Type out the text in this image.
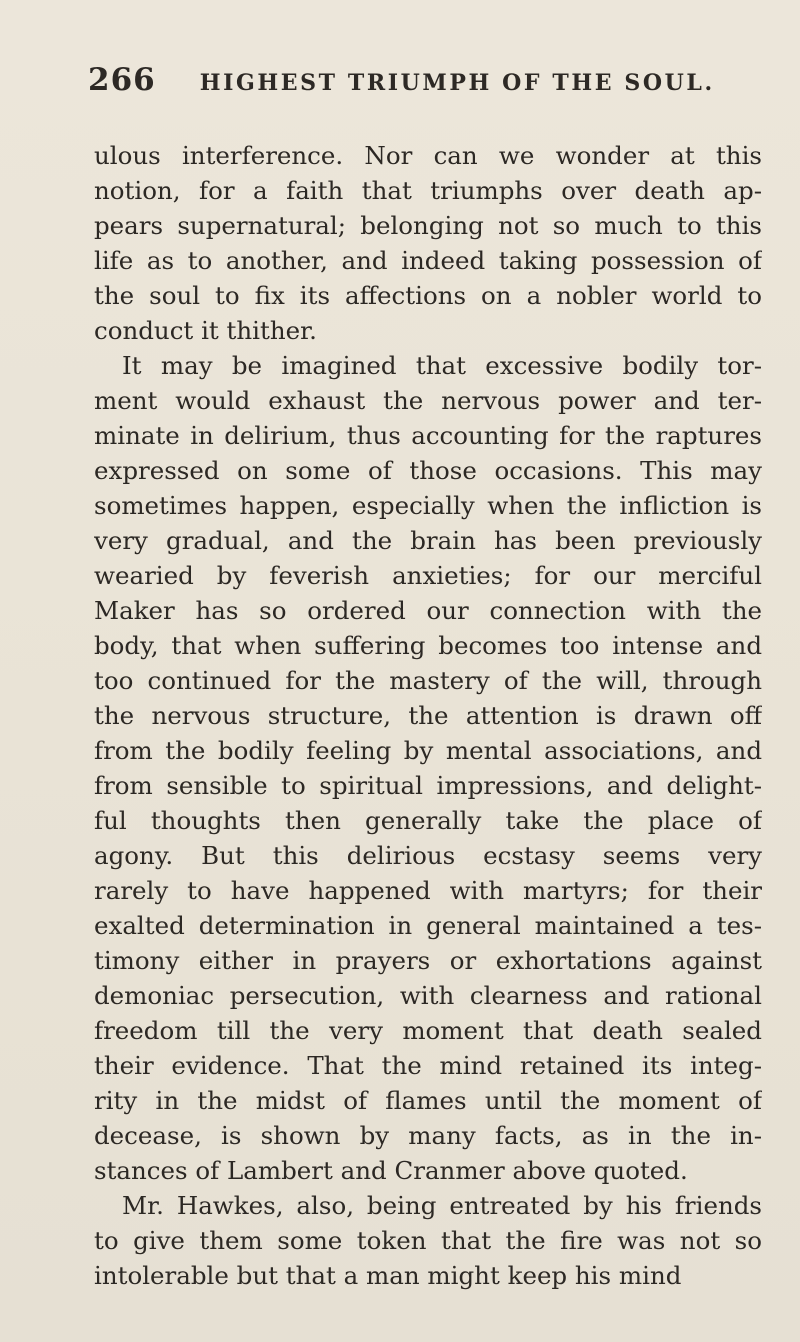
266 HIGHEST TRIUMPH OF THE SOUL.
ulous interference. Nor can we wonder at this
notion, for a faith that triumphs over death ap-
pears supernatural; belonging not so much to this
life as to another, and indeed taking possession of
the soul to fix its affections on a nobler world to
conduct it thither.
It may be imagined that excessive bodily tor-
ment would exhaust the nervous power and ter-
minate in delirium, thus accounting for the raptures
expressed on some of those occasions. This may
sometimes happen, especially when the infliction is
very gradual, and the brain has been previously
wearied by feverish anxieties; for our merciful
Maker has so ordered our connection with the
body, that when suffering becomes too intense and
too continued for the mastery of the will, through
the nervous structure, the attention is drawn off
from the bodily feeling by mental associations, and
from sensible to spiritual impressions, and delight-
ful thoughts then generally take the place of
agony. But this delirious ecstasy seems very
rarely to have happened with martyrs; for their
exalted determination in general maintained a tes-
timony either in prayers or exhortations against
demoniac persecution, with clearness and rational
freedom till the very moment that death sealed
their evidence. That the mind retained its integ-
rity in the midst of flames until the moment of
decease, is shown by many facts, as in the in-
stances of Lambert and Cranmer above quoted.
Mr. Hawkes, also, being entreated by his friends
to give them some token that the fire was not so
intolerable but that a man might keep his mind
